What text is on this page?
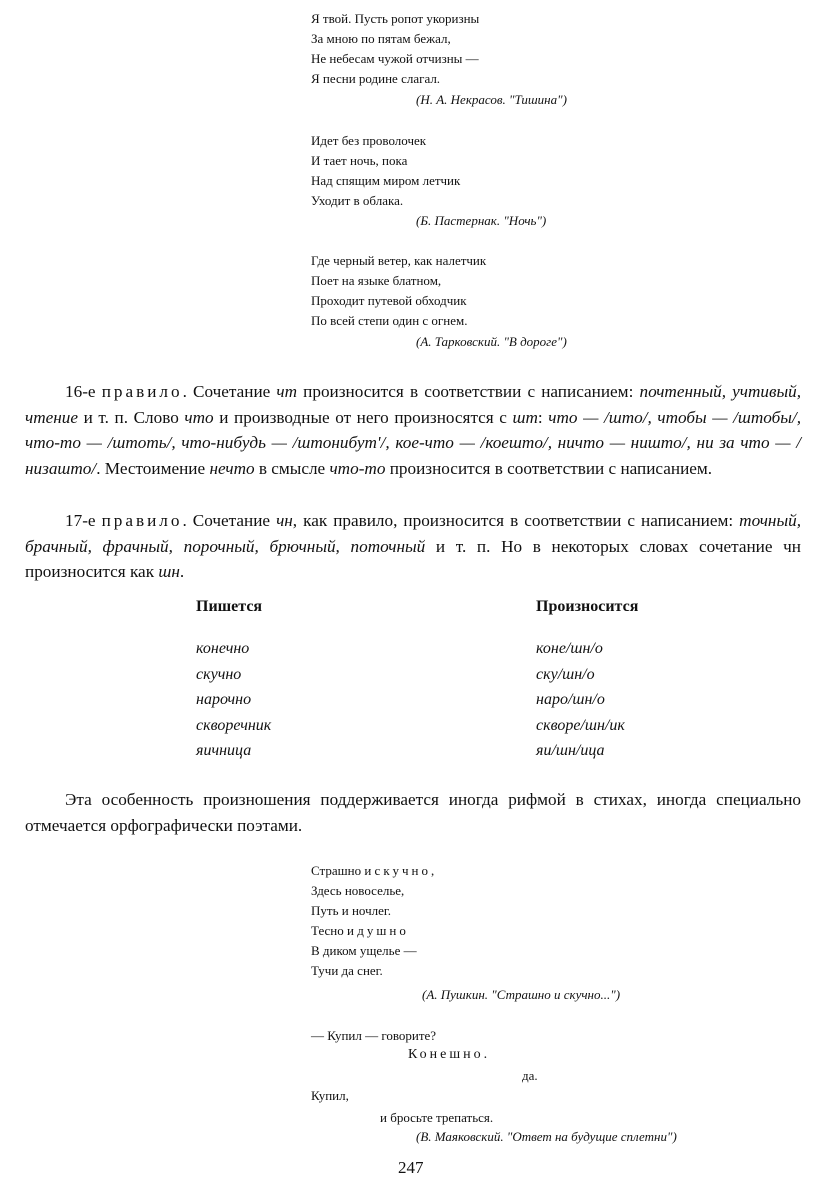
Я твой. Пусть ропот укоризны
За мною по пятам бежал,
Не небесам чужой отчизны —
Я песни родине слагал.
(Н. А. Некрасов. "Тишина")
Идет без проволочек
И тает ночь, пока
Над спящим миром летчик
Уходит в облака.
(Б. Пастернак. "Ночь")
Где черный ветер, как налетчик
Поет на языке блатном,
Проходит путевой обходчик
По всей степи один с огнем.
(А. Тарковский. "В дороге")
16-е правило. Сочетание чт произносится в соответствии с написанием: почтенный, учтивый, чтение и т. п. Слово что и производные от него произносятся с шт: что — /што/, чтобы — /штобы/, что-то — /штоть/, что-нибудь — /штонибут'/, кое-что — /коешто/, ничто — ништо/, ни за что — /низашто/. Местоимение нечто в смысле что-то произносится в соответствии с написанием.
17-е правило. Сочетание чн, как правило, произносится в соответствии с написанием: точный, брачный, фрачный, порочный, брючный, поточный и т. п. Но в некоторых словах сочетание чн произносится как шн.
Пишется	Произносится
конечно
скучно
нарочно
скворечник
яичница
коне/шн/о
ску/шн/о
наро/шн/о
скворе/шн/ик
яи/шн/ица
Эта особенность произношения поддерживается иногда рифмой в стихах, иногда специально отмечается орфографически поэтами.
Страшно и скучно,
Здесь новоселье,
Путь и ночлег.
Тесно и душно
В диком ущелье —
Тучи да снег.
(А. Пушкин. "Страшно и скучно...")
— Купил — говорите?
Конешно.
да.
Купил,
и бросьте трепаться.
(В. Маяковский. "Ответ на будущие сплетни")
247
